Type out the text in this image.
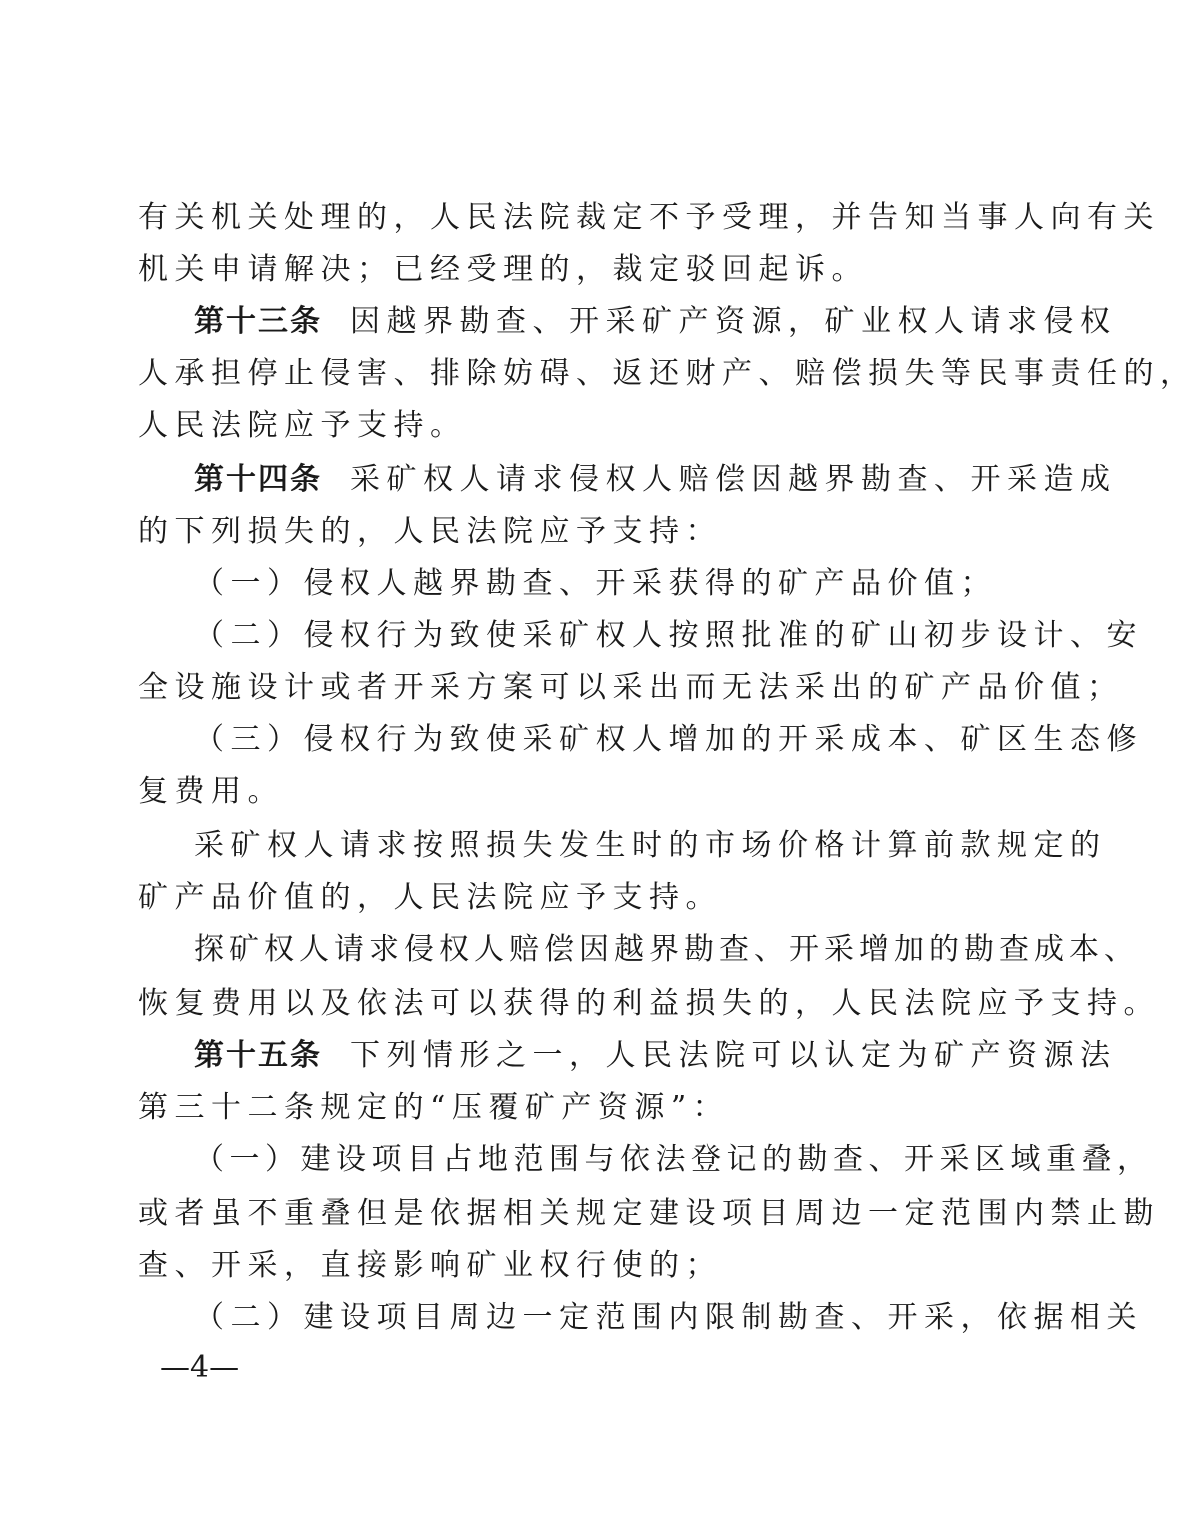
有关机关处理的，人民法院裁定不予受理，并告知当事人向有关
机关申请解决；已经受理的，裁定驳回起诉。
第十三条 因越界勘查、开采矿产资源，矿业权人请求侵权
人承担停止侵害、排除妨碍、返还财产、赔偿损失等民事责任的，
人民法院应予支持。
第十四条 采矿权人请求侵权人赔偿因越界勘查、开采造成
的下列损失的，人民法院应予支持：
（一）侵权人越界勘查、开采获得的矿产品价值；
（二）侵权行为致使采矿权人按照批准的矿山初步设计、安
全设施设计或者开采方案可以采出而无法采出的矿产品价值；
（三）侵权行为致使采矿权人增加的开采成本、矿区生态修
复费用。
采矿权人请求按照损失发生时的市场价格计算前款规定的
矿产品价值的，人民法院应予支持。
探矿权人请求侵权人赔偿因越界勘查、开采增加的勘查成本、
恢复费用以及依法可以获得的利益损失的，人民法院应予支持。
第十五条 下列情形之一，人民法院可以认定为矿产资源法
第三十二条规定的“压覆矿产资源”：
（一）建设项目占地范围与依法登记的勘查、开采区域重叠，
或者虽不重叠但是依据相关规定建设项目周边一定范围内禁止勘
查、开采，直接影响矿业权行使的；
（二）建设项目周边一定范围内限制勘查、开采，依据相关
—4—
